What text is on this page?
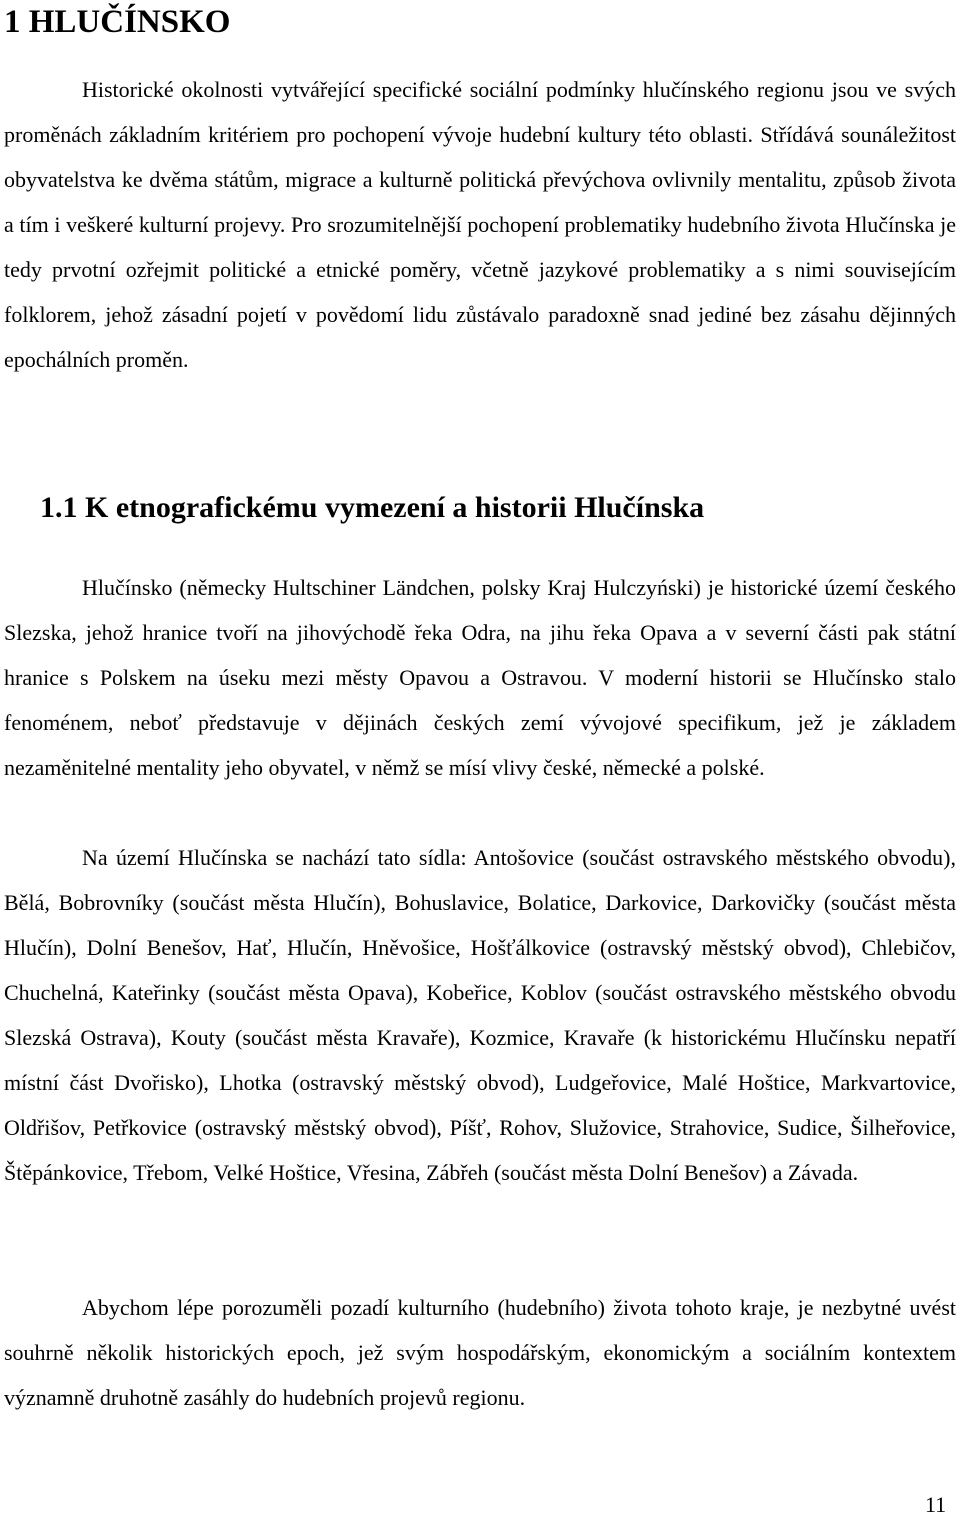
1 HLUČÍNSKO

Historické okolnosti vytvářející specifické sociální podmínky hlučínského regionu jsou ve svých proměnách základním kritériem pro pochopení vývoje hudební kultury této oblasti. Střídává sounáležitost obyvatelstva ke dvěma státům, migrace a kulturně politická převýchova ovlivnily mentalitu, způsob života a tím i veškeré kulturní projevy. Pro srozumitelnější pochopení problematiky hudebního života Hlučínska je tedy prvotní ozřejmit politické a etnické poměry, včetně jazykové problematiky a s nimi souvisejícím folklorem, jehož zásadní pojetí v povědomí lidu zůstávalo paradoxně snad jediné bez zásahu dějinných epochálních proměn.

1.1 K etnografickému vymezení a historii Hlučínska

Hlučínsko (německy Hultschiner Ländchen, polsky Kraj Hulczyński) je historické území českého Slezska, jehož hranice tvoří na jihovýchodě řeka Odra, na jihu řeka Opava a v severní části pak státní hranice s Polskem na úseku mezi městy Opavou a Ostravou. V moderní historii se Hlučínsko stalo fenoménem, neboť představuje v dějinách českých zemí vývojové specifikum, jež je základem nezaměnitelné mentality jeho obyvatel, v němž se mísí vlivy české, německé a polské.

Na území Hlučínska se nachází tato sídla: Antošovice (součást ostravského městského obvodu), Bělá, Bobrovníky (součást města Hlučín), Bohuslavice, Bolatice, Darkovice, Darkovičky (součást města Hlučín), Dolní Benešov, Hať, Hlučín, Hněvošice, Hošťálkovice (ostravský městský obvod), Chlebičov, Chuchelná, Kateřinky (součást města Opava), Kobeřice, Koblov (součást ostravského městského obvodu Slezská Ostrava), Kouty (součást města Kravaře), Kozmice, Kravaře (k historickému Hlučínsku nepatří místní část Dvořisko), Lhotka (ostravský městský obvod), Ludgeřovice, Malé Hoštice, Markvartovice, Oldřišov, Petřkovice (ostravský městský obvod), Píšť, Rohov, Služovice, Strahovice, Sudice, Šilheřovice, Štěpánkovice, Třebom, Velké Hoštice, Vřesina, Zábřeh (součást města Dolní Benešov) a Závada.

Abychom lépe porozuměli pozadí kulturního (hudebního) života tohoto kraje, je nezbytné uvést souhrně několik historických epoch, jež svým hospodářským, ekonomickým a sociálním kontextem významně druhotně zasáhly do hudebních projevů regionu.

11
